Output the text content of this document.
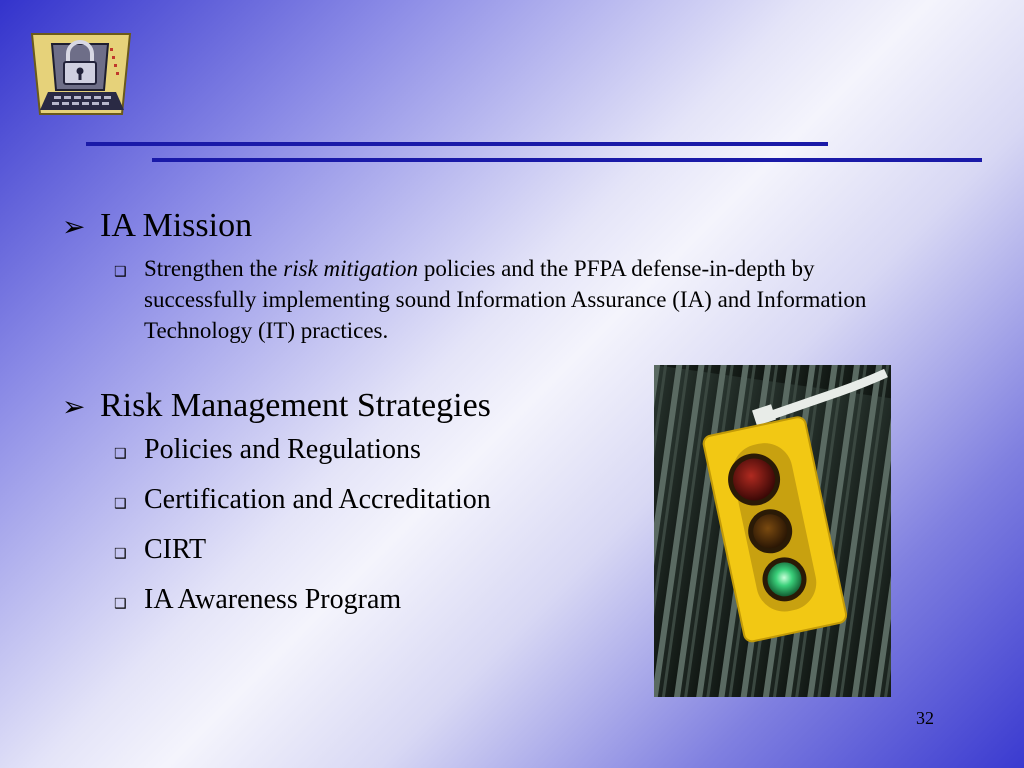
➢ IA Mission
❑ Strengthen the risk mitigation policies and the PFPA defense-in-depth by successfully implementing sound Information Assurance (IA) and Information Technology (IT) practices.
➢ Risk Management Strategies
❑ Policies and Regulations
❑ Certification and Accreditation
❑ CIRT
❑ IA Awareness Program
32
